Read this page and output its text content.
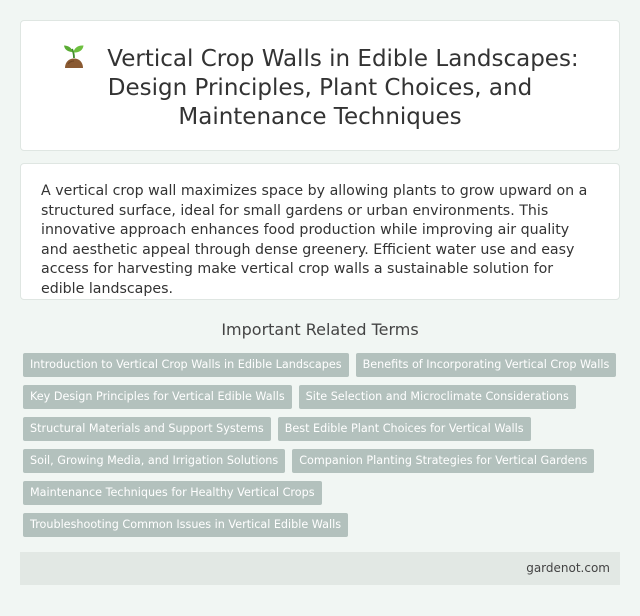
Vertical Crop Walls in Edible Landscapes: Design Principles, Plant Choices, and Maintenance Techniques

A vertical crop wall maximizes space by allowing plants to grow upward on a structured surface, ideal for small gardens or urban environments. This innovative approach enhances food production while improving air quality and aesthetic appeal through dense greenery. Efficient water use and easy access for harvesting make vertical crop walls a sustainable solution for edible landscapes.

Important Related Terms
Introduction to Vertical Crop Walls in Edible Landscapes Benefits of Incorporating Vertical Crop Walls
Key Design Principles for Vertical Edible Walls Site Selection and Microclimate Considerations
Structural Materials and Support Systems Best Edible Plant Choices for Vertical Walls
Soil, Growing Media, and Irrigation Solutions Companion Planting Strategies for Vertical Gardens
Maintenance Techniques for Healthy Vertical Crops
Troubleshooting Common Issues in Vertical Edible Walls
gardenot.com
